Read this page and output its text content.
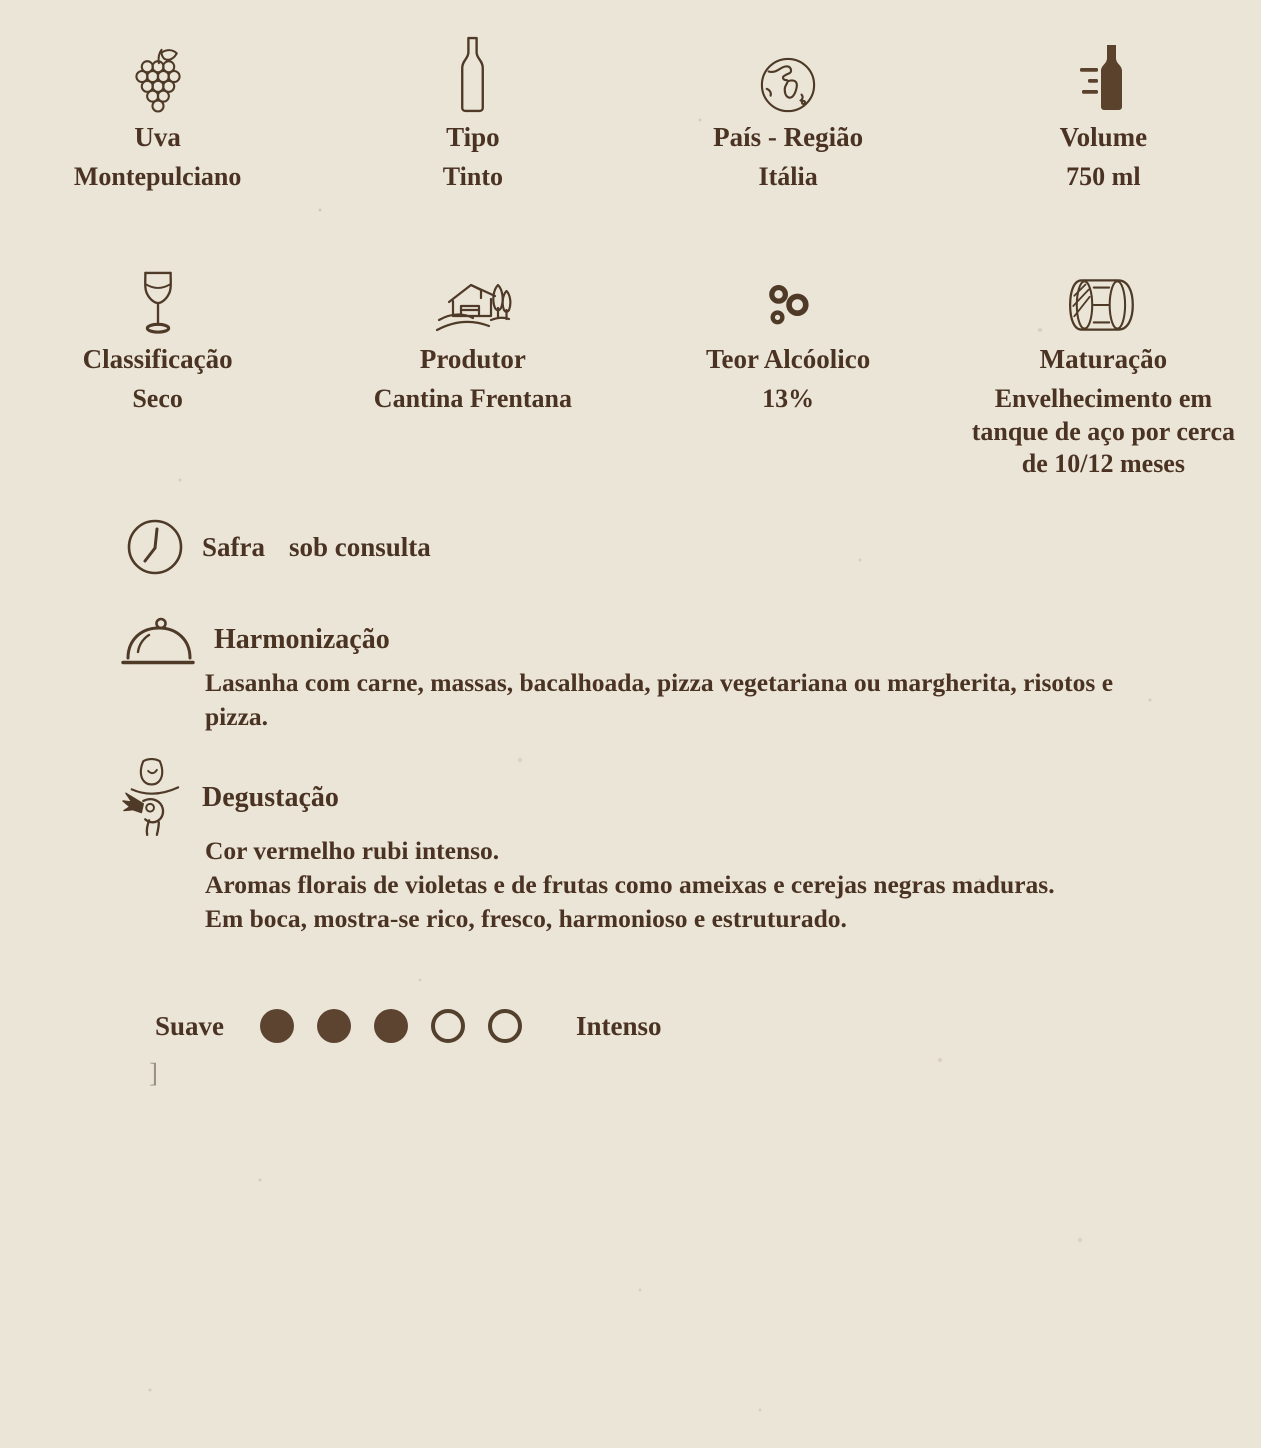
Uva
Montepulciano
Tipo
Tinto
País - Região
Itália
Volume
750 ml
Classificação
Seco
Produtor
Cantina Frentana
Teor Alcóolico
13%
Maturação
Envelhecimento em tanque de aço por cerca de 10/12 meses
Safra sob consulta
Harmonização
Lasanha com carne, massas, bacalhoada, pizza vegetariana ou margherita, risotos e pizza.
Degustação
Cor vermelho rubi intenso.
Aromas florais de violetas e de frutas como ameixas e cerejas negras maduras.
Em boca, mostra-se rico, fresco, harmonioso e estruturado.
Suave	Intenso
]
